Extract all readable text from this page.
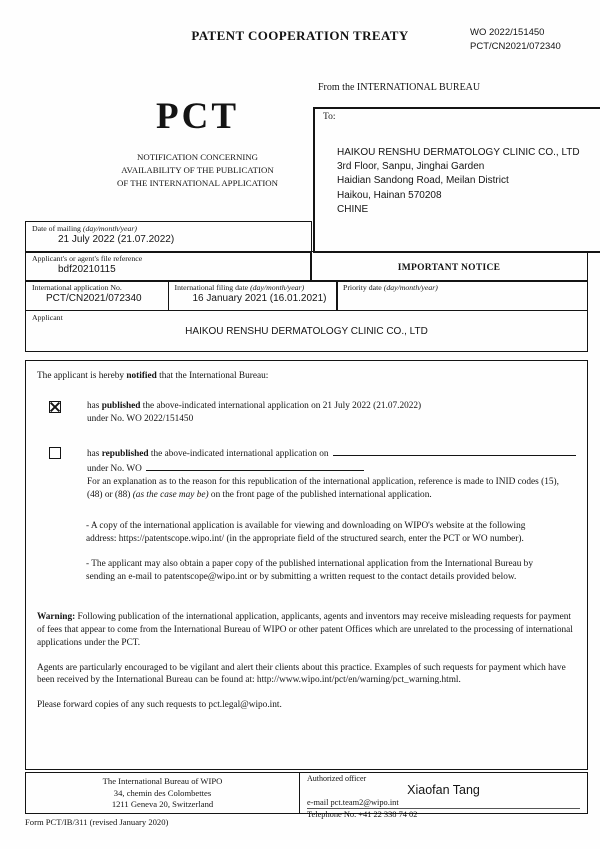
PATENT COOPERATION TREATY	WO 2022/151450
PCT/CN2021/072340
From the INTERNATIONAL BUREAU
PCT
NOTIFICATION CONCERNING
AVAILABILITY OF THE PUBLICATION
OF THE INTERNATIONAL APPLICATION
To:
HAIKOU RENSHU DERMATOLOGY CLINIC CO., LTD
3rd Floor, Sanpu, Jinghai Garden
Haidian Sandong Road, Meilan District
Haikou, Hainan 570208
CHINE
Date of mailing (day/month/year)
21 July 2022 (21.07.2022)
Applicant's or agent's file reference
bdf20210115	IMPORTANT NOTICE
International application No.
PCT/CN2021/072340
International filing date (day/month/year)
16 January 2021 (16.01.2021)
Priority date (day/month/year)
Applicant
HAIKOU RENSHU DERMATOLOGY CLINIC CO., LTD
The applicant is hereby notified that the International Bureau:
has published the above-indicated international application on 21 July 2022 (21.07.2022)
under No. WO 2022/151450
has republished the above-indicated international application on
under No. WO
For an explanation as to the reason for this republication of the international application, reference is made to INID codes (15), (48) or (88) (as the case may be) on the front page of the published international application.
- A copy of the international application is available for viewing and downloading on WIPO's website at the following address: https://patentscope.wipo.int/ (in the appropriate field of the structured search, enter the PCT or WO number).
- The applicant may also obtain a paper copy of the published international application from the International Bureau by sending an e-mail to patentscope@wipo.int or by submitting a written request to the contact details provided below.
Warning: Following publication of the international application, applicants, agents and inventors may receive misleading requests for payment of fees that appear to come from the International Bureau of WIPO or other patent Offices which are unrelated to the processing of international applications under the PCT.
Agents are particularly encouraged to be vigilant and alert their clients about this practice. Examples of such requests for payment which have been received by the International Bureau can be found at: http://www.wipo.int/pct/en/warning/pct_warning.html.
Please forward copies of any such requests to pct.legal@wipo.int.
The International Bureau of WIPO
34, chemin des Colombettes
1211 Geneva 20, Switzerland
Authorized officer
Xiaofan Tang
e-mail pct.team2@wipo.int
Telephone No. +41 22 338 74 02
Form PCT/IB/311 (revised January 2020)
